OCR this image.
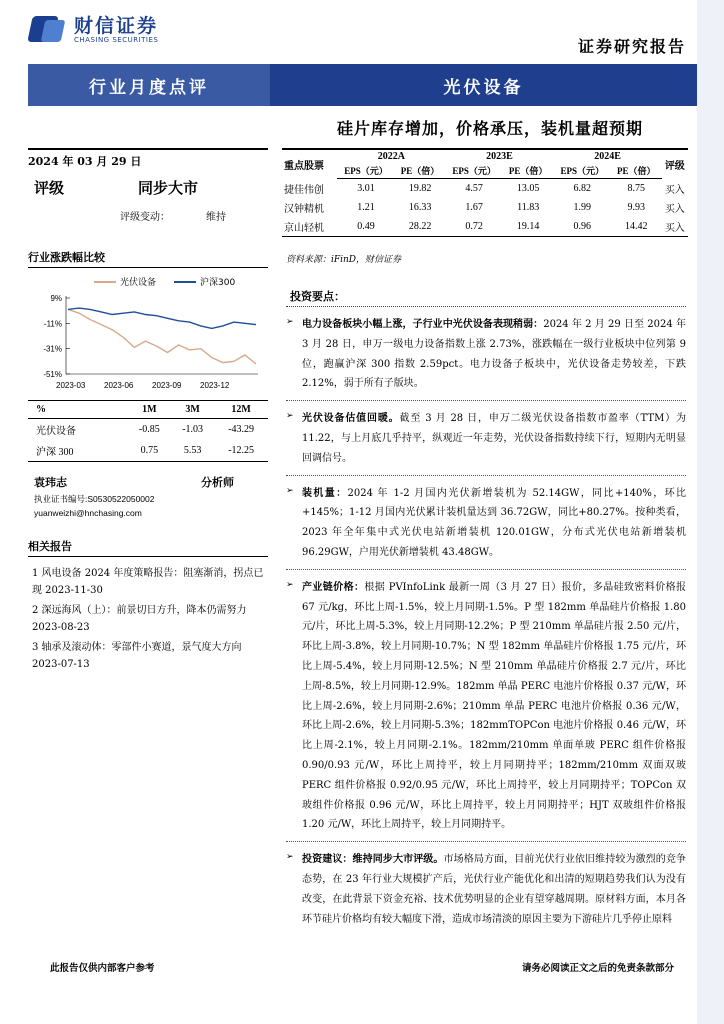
财信证券
CHASING SECURITIES	证券研究报告
行业月度点评	光伏设备
硅片库存增加，价格承压，装机量超预期
2024 年 03 月 29 日
评级	同步大市
评级变动：	维持
行业涨跌幅比较
光伏设备	沪深300
9%
-11%
-31%
-51%
2023-03 2023-06 2023-09 2023-12
%	1M	3M	12M
光伏设备	-0.85	-1.03	-43.29
沪深 300	0.75	5.53	-12.25
袁玮志	分析师
执业证书编号:S0530522050002
yuanweizhi@hnchasing.com
相关报告
1 风电设备 2024 年度策略报告：阻塞渐消，拐点已现 2023-11-30
2 深远海风（上）：前景切日方升，降本仍需努力 2023-08-23
3 轴承及滚动体：零部件小赛道，景气度大方向 2023-07-13
重点股票	2022A		2023E		2024E		评级
	EPS（元）	PE（倍）	EPS（元）	PE（倍）	EPS（元）	PE（倍）	
捷佳伟创	3.01	19.82	4.57	13.05	6.82	8.75	买入
汉钟精机	1.21	16.33	1.67	11.83	1.99	9.93	买入
京山轻机	0.49	28.22	0.72	19.14	0.96	14.42	买入
资料来源：iFinD，财信证券
投资要点：
➢ 电力设备板块小幅上涨，子行业中光伏设备表现稍弱：2024 年 2 月 29 日至 2024 年 3 月 28 日，申万一级电力设备指数上涨 2.73%，涨跌幅在一级行业板块中位列第 9 位，跑赢沪深 300 指数 2.59pct。电力设备子板块中，光伏设备走势较差，下跌 2.12%，弱于所有子版块。

➢ 光伏设备估值回暖。截至 3 月 28 日，申万二级光伏设备指数市盈率（TTM）为 11.22，与上月底几乎持平，纵观近一年走势，光伏设备指数持续下行，短期内无明显回调信号。

➢ 装机量：2024 年 1-2 月国内光伏新增装机为 52.14GW，同比+140%，环比+145%；1-12 月国内光伏累计装机量达到 36.72GW，同比+80.27%。按种类看，2023 年全年集中式光伏电站新增装机 120.01GW，分布式光伏电站新增装机 96.29GW，户用光伏新增装机 43.48GW。

➢ 产业链价格：根据 PVInfoLink 最新一周（3 月 27 日）报价，多晶硅致密料价格报 67 元/kg，环比上周-1.5%，较上月同期-1.5%。P 型 182mm 单晶硅片价格报 1.80 元/片，环比上周-5.3%，较上月同期-12.2%；P 型 210mm 单晶硅片报 2.50 元/片，环比上周-3.8%，较上月同期-10.7%；N 型 182mm 单晶硅片价格报 1.75 元/片，环比上周-5.4%，较上月同期-12.5%；N 型 210mm 单晶硅片价格报 2.7 元/片，环比上周-8.5%，较上月同期-12.9%。182mm 单晶 PERC 电池片价格报 0.37 元/W，环比上周-2.6%，较上月同期-2.6%；210mm 单晶 PERC 电池片价格报 0.36 元/W，环比上周-2.6%，较上月同期-5.3%；182mmTOPCon 电池片价格报 0.46 元/W，环比上周-2.1%，较上月同期-2.1%。182mm/210mm 单面单玻 PERC 组件价格报 0.90/0.93 元/W，环比上周持平，较上月同期持平；182mm/210mm 双面双玻 PERC 组件价格报 0.92/0.95 元/W，环比上周持平，较上月同期持平；TOPCon 双玻组件价格报 0.96 元/W，环比上周持平，较上月同期持平；HJT 双玻组件价格报 1.20 元/W，环比上周持平，较上月同期持平。

➢ 投资建议：维持同步大市评级。市场格局方面，目前光伏行业依旧维持较为激烈的竞争态势，在 23 年行业大规模扩产后，光伏行业产能优化和出清的短期趋势我们认为没有改变，在此背景下资金充裕、技术优势明显的企业有望穿越周期。原材料方面，本月各环节硅片价格均有较大幅度下滑，造成市场清淡的原因主要为下游硅片几乎停止原料

此报告仅供内部客户参考	请务必阅读正文之后的免责条款部分
